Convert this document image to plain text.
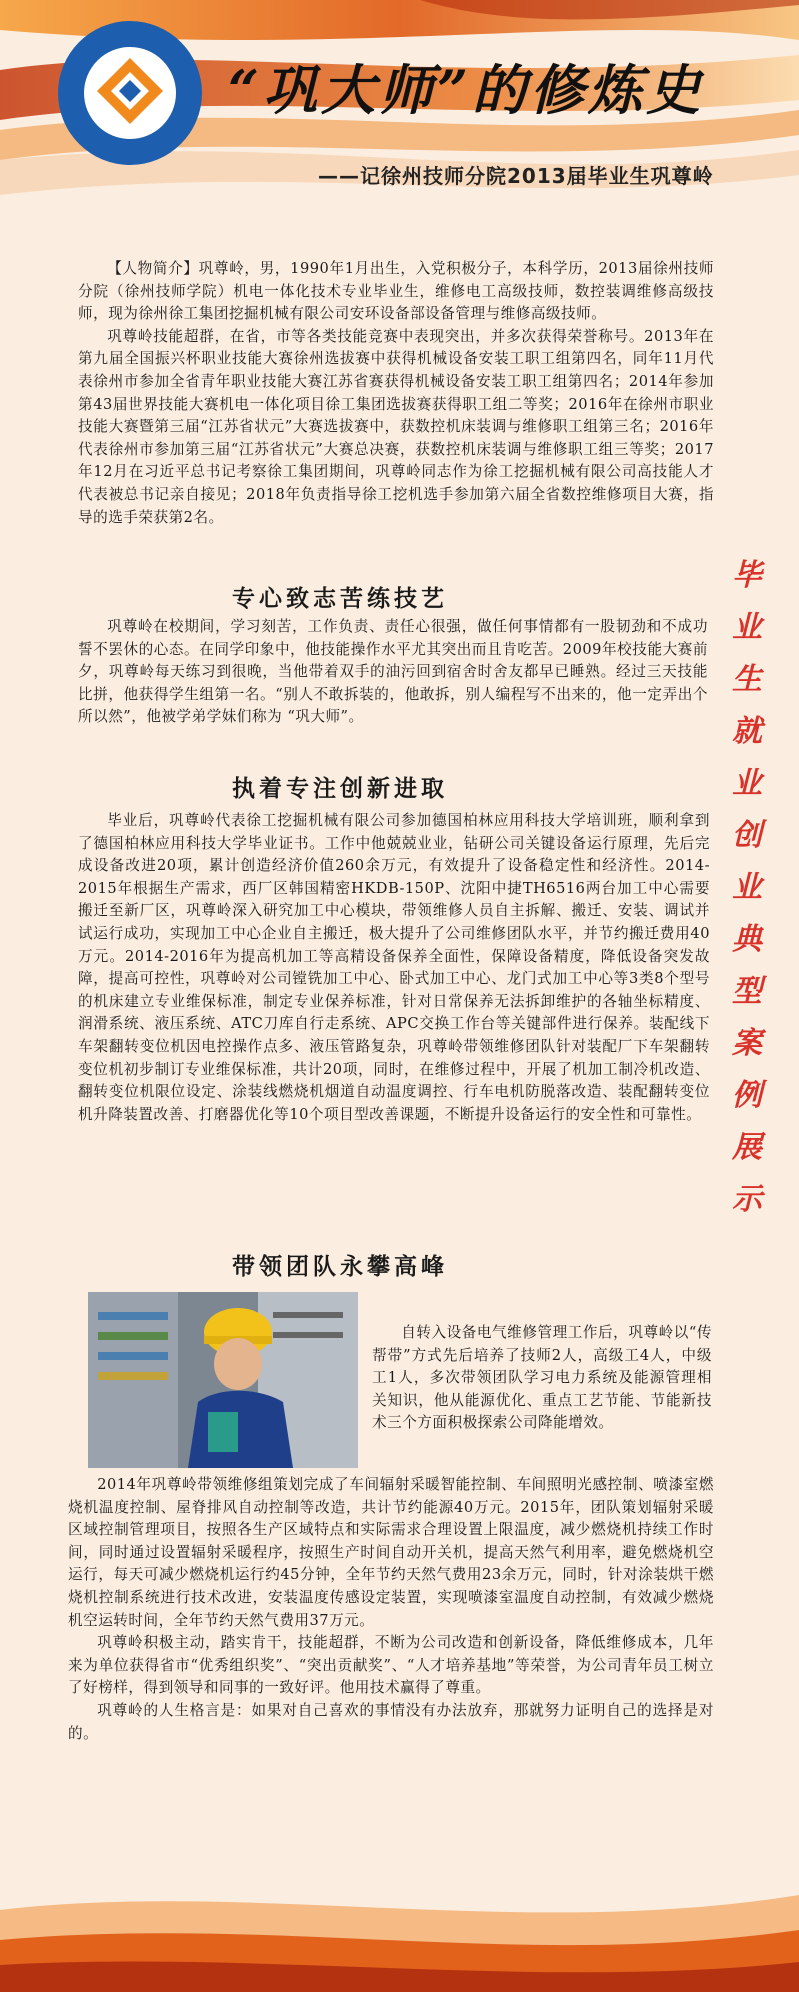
“巩大师”的修炼史
——记徐州技师分院2013届毕业生巩尊岭

【人物简介】巩尊岭，男，1990年1月出生，入党积极分子，本科学历，2013届徐州技师分院（徐州技师学院）机电一体化技术专业毕业生，维修电工高级技师，数控装调维修高级技师，现为徐州徐工集团挖掘机械有限公司安环设备部设备管理与维修高级技师。

巩尊岭技能超群，在省，市等各类技能竞赛中表现突出，并多次获得荣誉称号。2013年在第九届全国振兴杯职业技能大赛徐州选拔赛中获得机械设备安装工职工组第四名，同年11月代表徐州市参加全省青年职业技能大赛江苏省赛获得机械设备安装工职工组第四名；2014年参加第43届世界技能大赛机电一体化项目徐工集团选拔赛获得职工组二等奖；2016年在徐州市职业技能大赛暨第三届“江苏省状元”大赛选拔赛中，获数控机床装调与维修职工组第三名；2016年代表徐州市参加第三届“江苏省状元”大赛总决赛，获数控机床装调与维修职工组三等奖；2017年12月在习近平总书记考察徐工集团期间，巩尊岭同志作为徐工挖掘机械有限公司高技能人才代表被总书记亲自接见；2018年负责指导徐工挖机选手参加第六届全省数控维修项目大赛，指导的选手荣获第2名。

专心致志苦练技艺

巩尊岭在校期间，学习刻苦，工作负责、责任心很强，做任何事情都有一股韧劲和不成功誓不罢休的心态。在同学印象中，他技能操作水平尤其突出而且肯吃苦。2009年校技能大赛前夕，巩尊岭每天练习到很晚，当他带着双手的油污回到宿舍时舍友都早已睡熟。经过三天技能比拼，他获得学生组第一名。“别人不敢拆装的，他敢拆，别人编程写不出来的，他一定弄出个所以然”，他被学弟学妹们称为 “巩大师”。

执着专注创新进取

毕业后，巩尊岭代表徐工挖掘机械有限公司参加德国柏林应用科技大学培训班，顺利拿到了德国柏林应用科技大学毕业证书。工作中他兢兢业业，钻研公司关键设备运行原理，先后完成设备改进20项，累计创造经济价值260余万元，有效提升了设备稳定性和经济性。2014-2015年根据生产需求，西厂区韩国精密HKDB-150P、沈阳中捷TH6516两台加工中心需要搬迁至新厂区，巩尊岭深入研究加工中心模块，带领维修人员自主拆解、搬迁、安装、调试并试运行成功，实现加工中心企业自主搬迁，极大提升了公司维修团队水平，并节约搬迁费用40万元。2014-2016年为提高机加工等高精设备保养全面性，保障设备精度，降低设备突发故障，提高可控性，巩尊岭对公司镗铣加工中心、卧式加工中心、龙门式加工中心等3类8个型号的机床建立专业维保标准，制定专业保养标准，针对日常保养无法拆卸维护的各轴坐标精度、润滑系统、液压系统、ATC刀库自行走系统、APC交换工作台等关键部件进行保养。装配线下车架翻转变位机因电控操作点多、液压管路复杂，巩尊岭带领维修团队针对装配厂下车架翻转变位机初步制订专业维保标准，共计20项，同时，在维修过程中，开展了机加工制冷机改造、翻转变位机限位设定、涂装线燃烧机烟道自动温度调控、行车电机防脱落改造、装配翻转变位机升降装置改善、打磨器优化等10个项目型改善课题，不断提升设备运行的安全性和可靠性。

带领团队永攀高峰

自转入设备电气维修管理工作后，巩尊岭以“传帮带”方式先后培养了技师2人，高级工4人，中级工1人，多次带领团队学习电力系统及能源管理相关知识，他从能源优化、重点工艺节能、节能新技术三个方面积极探索公司降能增效。

2014年巩尊岭带领维修组策划完成了车间辐射采暖智能控制、车间照明光感控制、喷漆室燃烧机温度控制、屋脊排风自动控制等改造，共计节约能源40万元。2015年，团队策划辐射采暖区域控制管理项目，按照各生产区域特点和实际需求合理设置上限温度，减少燃烧机持续工作时间，同时通过设置辐射采暖程序，按照生产时间自动开关机，提高天然气利用率，避免燃烧机空运行，每天可减少燃烧机运行约45分钟，全年节约天然气费用23余万元，同时，针对涂装烘干燃烧机控制系统进行技术改进，安装温度传感设定装置，实现喷漆室温度自动控制，有效减少燃烧机空运转时间，全年节约天然气费用37万元。

巩尊岭积极主动，踏实肯干，技能超群，不断为公司改造和创新设备，降低维修成本，几年来为单位获得省市“优秀组织奖”、“突出贡献奖”、“人才培养基地”等荣誉，为公司青年员工树立了好榜样，得到领导和同事的一致好评。他用技术赢得了尊重。

巩尊岭的人生格言是：如果对自己喜欢的事情没有办法放弃，那就努力证明自己的选择是对的。

毕
业
生
就
业
创
业
典
型
案
例
展
示
